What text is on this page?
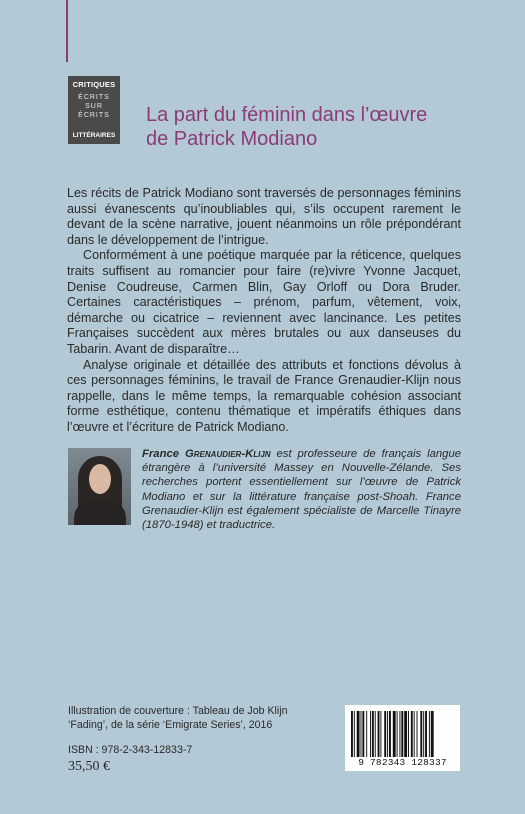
CRITIQUES
ÉCRITS SUR ÉCRITS
LITTÉRAIRES
La part du féminin dans l’œuvre
de Patrick Modiano

Les récits de Patrick Modiano sont traversés de personnages féminins aussi évanescents qu’inoubliables qui, s’ils occupent rarement le devant de la scène narrative, jouent néanmoins un rôle prépondérant dans le développement de l’intrigue.

Conformément à une poétique marquée par la réticence, quelques traits suffisent au romancier pour faire (re)vivre Yvonne Jacquet, Denise Coudreuse, Carmen Blin, Gay Orloff ou Dora Bruder. Certaines caractéristiques – prénom, parfum, vêtement, voix, démarche ou cicatrice – reviennent avec lancinance. Les petites Françaises succèdent aux mères brutales ou aux danseuses du Tabarin. Avant de disparaître…

Analyse originale et détaillée des attributs et fonctions dévolus à ces personnages féminins, le travail de France Grenaudier-Klijn nous rappelle, dans le même temps, la remarquable cohésion associant forme esthétique, contenu thématique et impératifs éthiques dans l’œuvre et l’écriture de Patrick Modiano.

France Grenaudier-Klijn est professeure de français langue étrangère à l’université Massey en Nouvelle-Zélande. Ses recherches portent essentiellement sur l’œuvre de Patrick Modiano et sur la littérature française post-Shoah. France Grenaudier-Klijn est également spécialiste de Marcelle Tinayre (1870-1948) et traductrice.
Illustration de couverture : Tableau de Job Klijn
‘Fading’, de la série ‘Emigrate Series’, 2016
ISBN : 978-2-343-12833-7
35,50 €	9 782343 128337
